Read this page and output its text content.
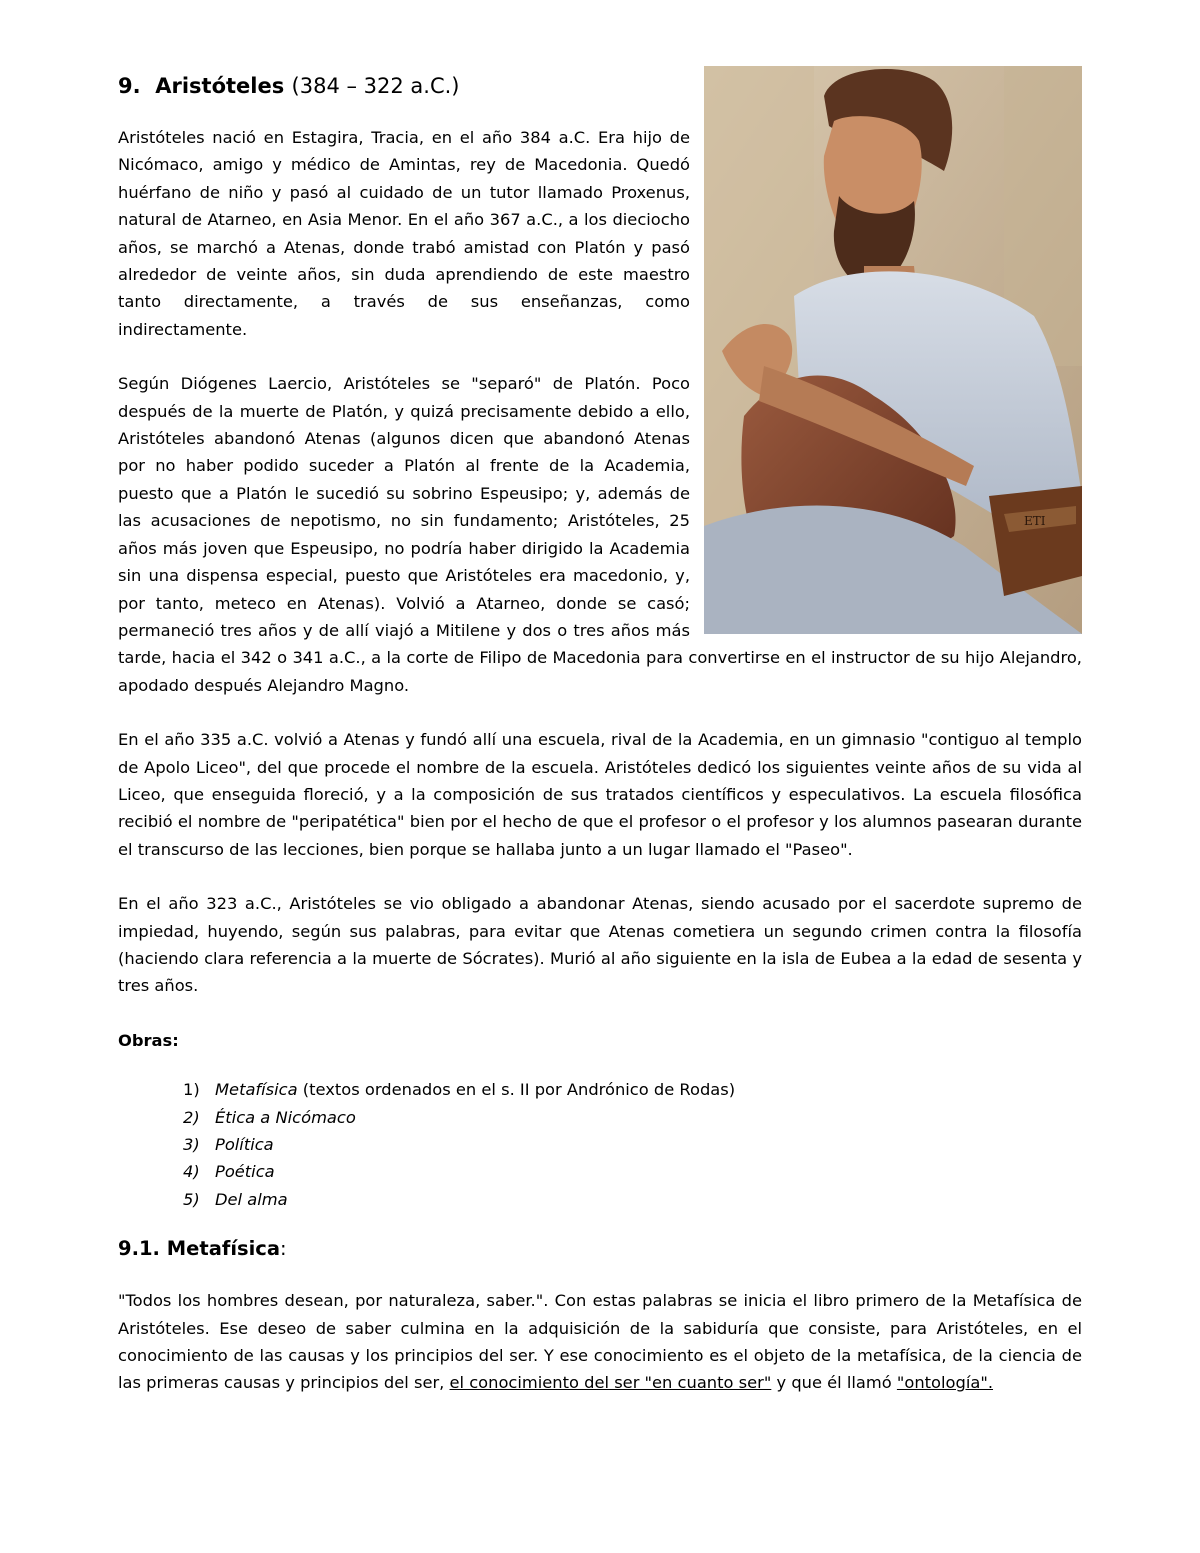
ETI
9. Aristóteles (384 – 322 a.C.)

Aristóteles nació en Estagira, Tracia, en el año 384 a.C. Era hijo de Nicómaco, amigo y médico de Amintas, rey de Macedonia. Quedó huérfano de niño y pasó al cuidado de un tutor llamado Proxenus, natural de Atarneo, en Asia Menor. En el año 367 a.C., a los dieciocho años, se marchó a Atenas, donde trabó amistad con Platón y pasó alrededor de veinte años, sin duda aprendiendo de este maestro tanto directamente, a través de sus enseñanzas, como indirectamente.

Según Diógenes Laercio, Aristóteles se "separó" de Platón. Poco después de la muerte de Platón, y quizá precisamente debido a ello, Aristóteles abandonó Atenas (algunos dicen que abandonó Atenas por no haber podido suceder a Platón al frente de la Academia, puesto que a Platón le sucedió su sobrino Espeusipo; y, además de las acusaciones de nepotismo, no sin fundamento; Aristóteles, 25 años más joven que Espeusipo, no podría haber dirigido la Academia sin una dispensa especial, puesto que Aristóteles era macedonio, y, por tanto, meteco en Atenas). Volvió a Atarneo, donde se casó; permaneció tres años y de allí viajó a Mitilene y dos o tres años más tarde, hacia el 342 o 341 a.C., a la corte de Filipo de Macedonia para convertirse en el instructor de su hijo Alejandro, apodado después Alejandro Magno.

En el año 335 a.C. volvió a Atenas y fundó allí una escuela, rival de la Academia, en un gimnasio "contiguo al templo de Apolo Liceo", del que procede el nombre de la escuela. Aristóteles dedicó los siguientes veinte años de su vida al Liceo, que enseguida floreció, y a la composición de sus tratados científicos y especulativos. La escuela filosófica recibió el nombre de "peripatética" bien por el hecho de que el profesor o el profesor y los alumnos pasearan durante el transcurso de las lecciones, bien porque se hallaba junto a un lugar llamado el "Paseo".

En el año 323 a.C., Aristóteles se vio obligado a abandonar Atenas, siendo acusado por el sacerdote supremo de impiedad, huyendo, según sus palabras, para evitar que Atenas cometiera un segundo crimen contra la filosofía (haciendo clara referencia a la muerte de Sócrates). Murió al año siguiente en la isla de Eubea a la edad de sesenta y tres años.

Obras:
1) Metafísica (textos ordenados en el s. II por Andrónico de Rodas)
2) Ética a Nicómaco
3) Política
4) Poética
5) Del alma
9.1. Metafísica:

"Todos los hombres desean, por naturaleza, saber.". Con estas palabras se inicia el libro primero de la Metafísica de Aristóteles. Ese deseo de saber culmina en la adquisición de la sabiduría que consiste, para Aristóteles, en el conocimiento de las causas y los principios del ser. Y ese conocimiento es el objeto de la metafísica, de la ciencia de las primeras causas y principios del ser, el conocimiento del ser "en cuanto ser" y que él llamó "ontología".
